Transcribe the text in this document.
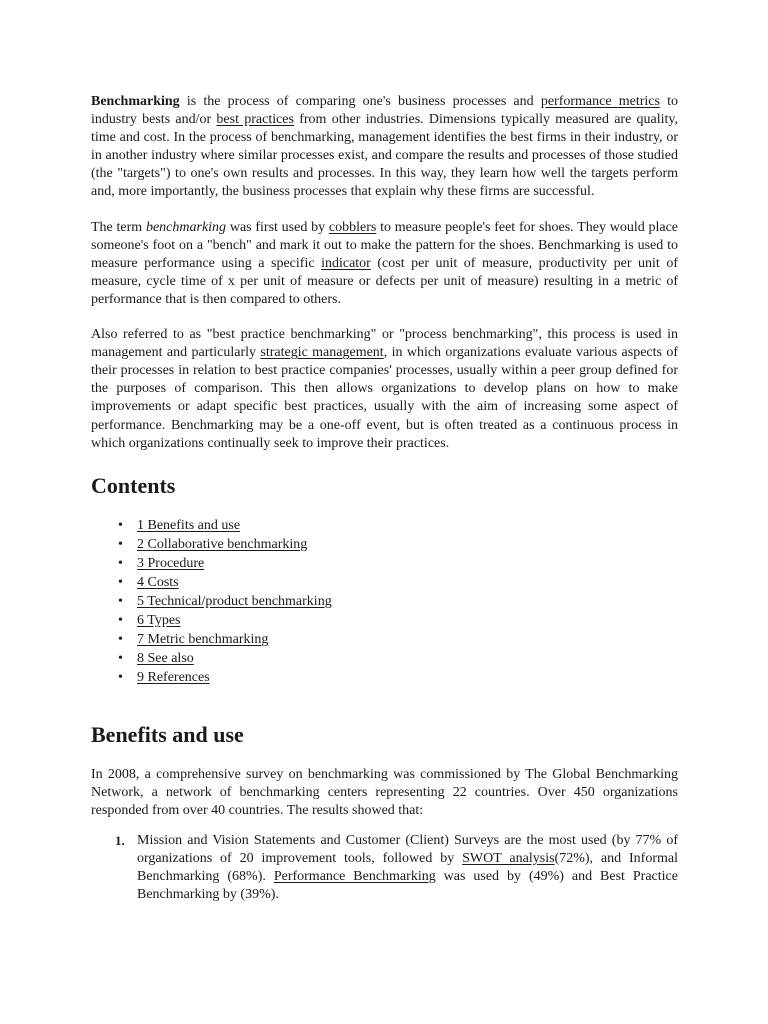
Benchmarking is the process of comparing one's business processes and performance metrics to industry bests and/or best practices from other industries. Dimensions typically measured are quality, time and cost. In the process of benchmarking, management identifies the best firms in their industry, or in another industry where similar processes exist, and compare the results and processes of those studied (the "targets") to one's own results and processes. In this way, they learn how well the targets perform and, more importantly, the business processes that explain why these firms are successful.

The term benchmarking was first used by cobblers to measure people's feet for shoes. They would place someone's foot on a "bench" and mark it out to make the pattern for the shoes. Benchmarking is used to measure performance using a specific indicator (cost per unit of measure, productivity per unit of measure, cycle time of x per unit of measure or defects per unit of measure) resulting in a metric of performance that is then compared to others.

Also referred to as "best practice benchmarking" or "process benchmarking", this process is used in management and particularly strategic management, in which organizations evaluate various aspects of their processes in relation to best practice companies' processes, usually within a peer group defined for the purposes of comparison. This then allows organizations to develop plans on how to make improvements or adapt specific best practices, usually with the aim of increasing some aspect of performance. Benchmarking may be a one-off event, but is often treated as a continuous process in which organizations continually seek to improve their practices.

Contents
• 1 Benefits and use
• 2 Collaborative benchmarking
• 3 Procedure
• 4 Costs
• 5 Technical/product benchmarking
• 6 Types
• 7 Metric benchmarking
• 8 See also
• 9 References
Benefits and use

In 2008, a comprehensive survey on benchmarking was commissioned by The Global Benchmarking Network, a network of benchmarking centers representing 22 countries. Over 450 organizations responded from over 40 countries. The results showed that:

1. Mission and Vision Statements and Customer (Client) Surveys are the most used (by 77% of organizations of 20 improvement tools, followed by SWOT analysis(72%), and Informal Benchmarking (68%). Performance Benchmarking was used by (49%) and Best Practice Benchmarking by (39%).
